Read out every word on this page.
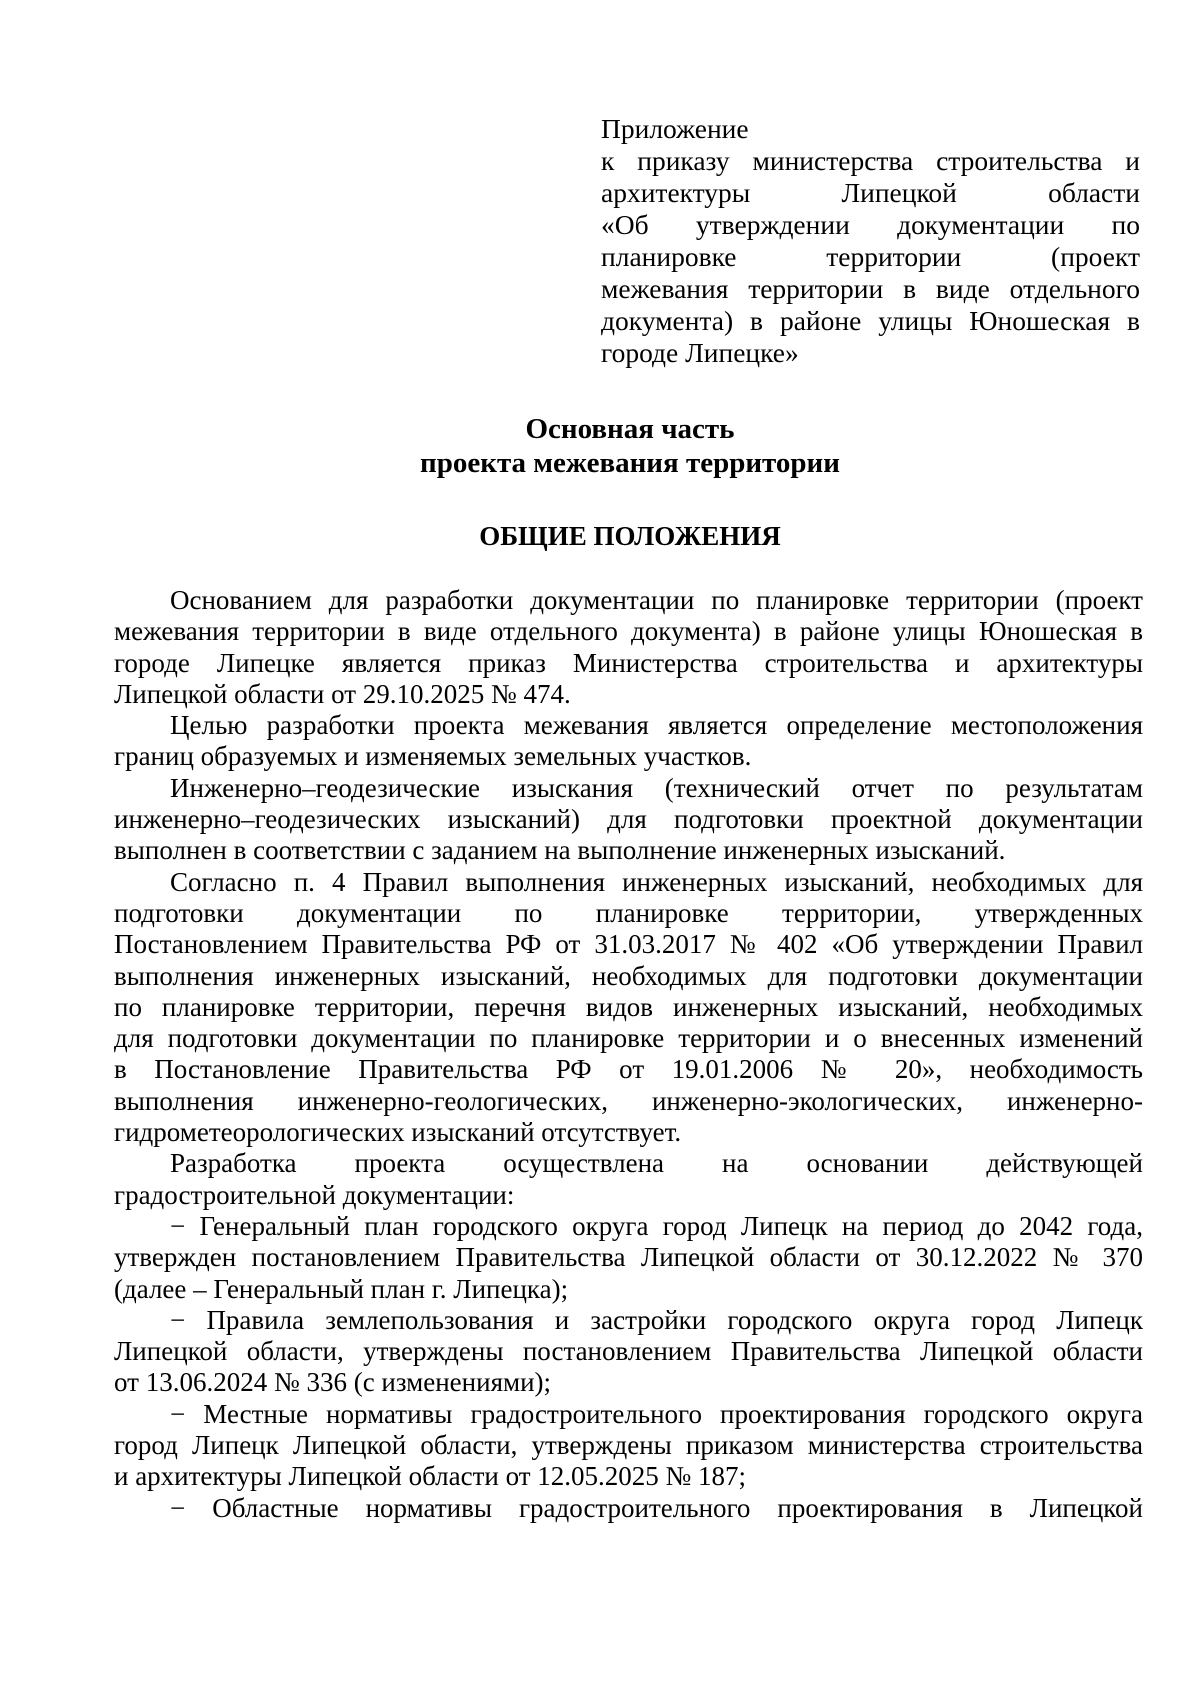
Приложение
к приказу министерства строительства и
архитектуры Липецкой области
«Об утверждении документации по
планировке территории (проект
межевания территории в виде отдельного
документа) в районе улицы Юношеская в
городе Липецке»
Основная часть
проекта межевания территории
ОБЩИЕ ПОЛОЖЕНИЯ

Основанием для разработки документации по планировке территории (проект
межевания территории в виде отдельного документа) в районе улицы Юношеская в
городе Липецке является приказ Министерства строительства и архитектуры
Липецкой области от 29.10.2025 № 474.

Целью разработки проекта межевания является определение местоположения
границ образуемых и изменяемых земельных участков.

Инженерно–геодезические изыскания (технический отчет по результатам
инженерно–геодезических изысканий) для подготовки проектной документации
выполнен в соответствии с заданием на выполнение инженерных изысканий.

Согласно п. 4 Правил выполнения инженерных изысканий, необходимых для
подготовки документации по планировке территории, утвержденных
Постановлением Правительства РФ от 31.03.2017 № 402 «Об утверждении Правил
выполнения инженерных изысканий, необходимых для подготовки документации
по планировке территории, перечня видов инженерных изысканий, необходимых
для подготовки документации по планировке территории и о внесенных изменений
в Постановление Правительства РФ от 19.01.2006 № 20», необходимость
выполнения инженерно-геологических, инженерно-экологических, инженерно-
гидрометеорологических изысканий отсутствует.

Разработка проекта осуществлена на основании действующей
градостроительной документации:

− Генеральный план городского округа город Липецк на период до 2042 года,
утвержден постановлением Правительства Липецкой области от 30.12.2022 № 370
(далее – Генеральный план г. Липецка);

− Правила землепользования и застройки городского округа город Липецк
Липецкой области, утверждены постановлением Правительства Липецкой области
от 13.06.2024 № 336 (с изменениями);

− Местные нормативы градостроительного проектирования городского округа
город Липецк Липецкой области, утверждены приказом министерства строительства
и архитектуры Липецкой области от 12.05.2025 № 187;

− Областные нормативы градостроительного проектирования в Липецкой
